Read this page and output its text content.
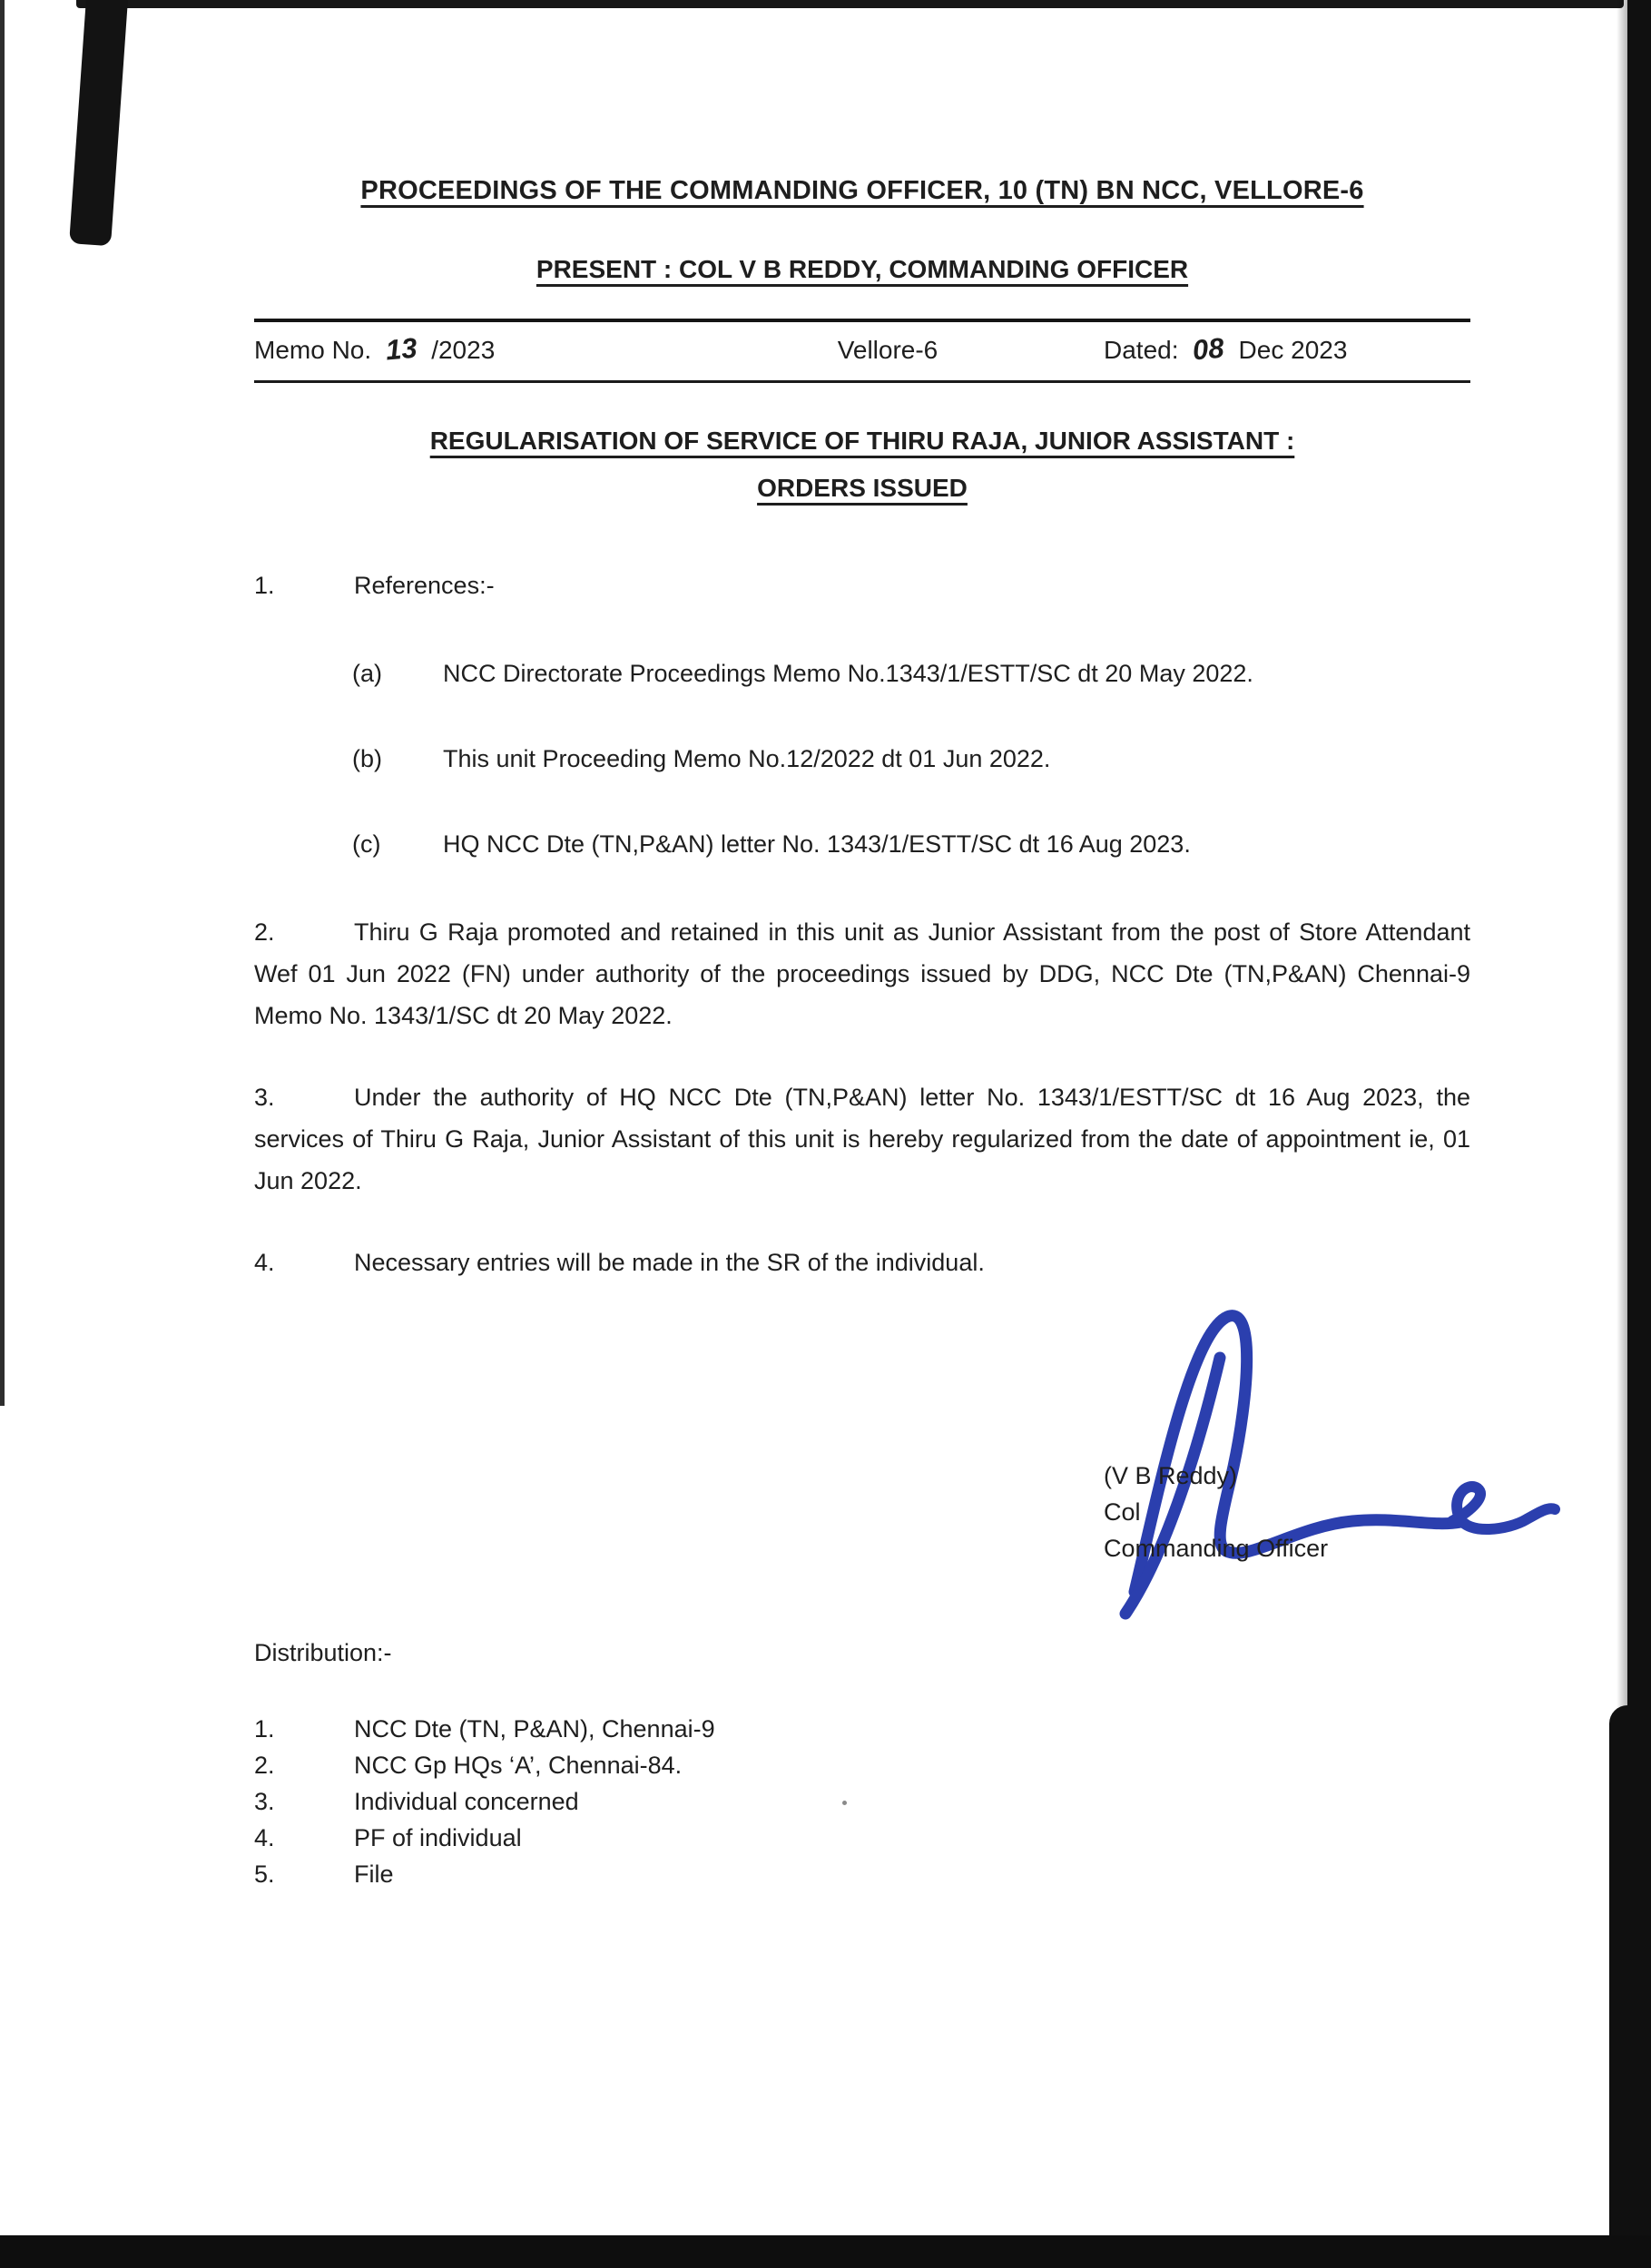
PROCEEDINGS OF THE COMMANDING OFFICER, 10 (TN) BN NCC, VELLORE-6
PRESENT : COL V B REDDY, COMMANDING OFFICER
Memo No. 13 /2023	Vellore-6	Dated: 08 Dec 2023
REGULARISATION OF SERVICE OF THIRU RAJA, JUNIOR ASSISTANT :
ORDERS ISSUED

1.	References:-

(a)	NCC Directorate Proceedings Memo No.1343/1/ESTT/SC dt 20 May 2022.
(b)	This unit Proceeding Memo No.12/2022 dt 01 Jun 2022.
(c)	HQ NCC Dte (TN,P&AN) letter No. 1343/1/ESTT/SC dt 16 Aug 2023.

2.	Thiru G Raja promoted and retained in this unit as Junior Assistant from the post of Store Attendant Wef 01 Jun 2022 (FN) under authority of the proceedings issued by DDG, NCC Dte (TN,P&AN) Chennai-9 Memo No. 1343/1/SC dt 20 May 2022.

3.	Under the authority of HQ NCC Dte (TN,P&AN) letter No. 1343/1/ESTT/SC dt 16 Aug 2023, the services of Thiru G Raja, Junior Assistant of this unit is hereby regularized from the date of appointment ie, 01 Jun 2022.

4.	Necessary entries will be made in the SR of the individual.

(V B Reddy)
Col
Commanding Officer
Distribution:-
1.	NCC Dte (TN, P&AN), Chennai-9
2.	NCC Gp HQs ‘A’, Chennai-84.
3.	Individual concerned
4.	PF of individual
5.	File
